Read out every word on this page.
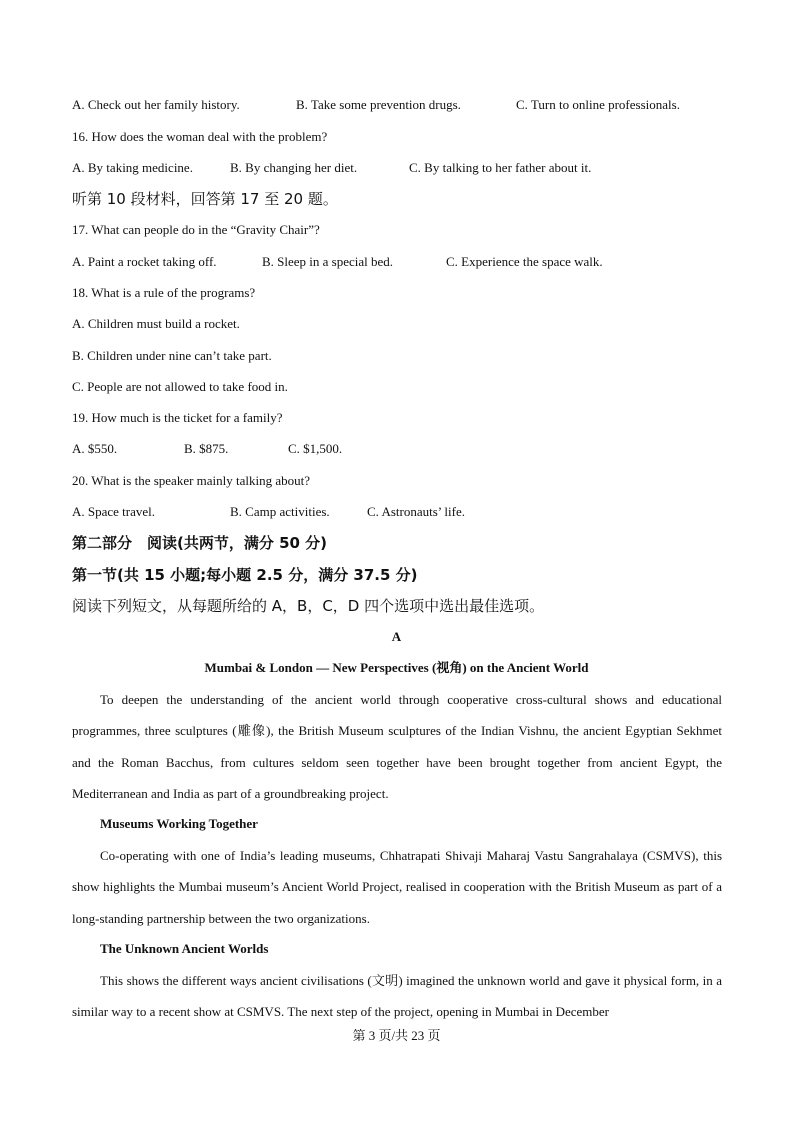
A. Check out her family history.	B. Take some prevention drugs.	C. Turn to online professionals.
16. How does the woman deal with the problem?
A. By taking medicine.	B. By changing her diet.	C. By talking to her father about it.
听第 10 段材料，回答第 17 至 20 题。
17. What can people do in the “Gravity Chair”?
A. Paint a rocket taking off.	B. Sleep in a special bed.	C. Experience the space walk.
18. What is a rule of the programs?
A. Children must build a rocket.
B. Children under nine can’t take part.
C. People are not allowed to take food in.
19. How much is the ticket for a family?
A. $550.	B. $875.	C. $1,500.
20. What is the speaker mainly talking about?
A. Space travel.	B. Camp activities.	C. Astronauts’ life.
第二部分　阅读(共两节，满分 50 分)
第一节(共 15 小题;每小题 2.5 分，满分 37.5 分)
阅读下列短文，从每题所给的 A，B，C，D 四个选项中选出最佳选项。
A
Mumbai & London — New Perspectives (视角) on the Ancient World
To deepen the understanding of the ancient world through cooperative cross-cultural shows and educational programmes, three sculptures (雕像), the British Museum sculptures of the Indian Vishnu, the ancient Egyptian Sekhmet and the Roman Bacchus, from cultures seldom seen together have been brought together from ancient Egypt, the Mediterranean and India as part of a groundbreaking project.
Museums Working Together
Co-operating with one of India’s leading museums, Chhatrapati Shivaji Maharaj Vastu Sangrahalaya (CSMVS), this show highlights the Mumbai museum’s Ancient World Project, realised in cooperation with the British Museum as part of a long-standing partnership between the two organizations.
The Unknown Ancient Worlds
This shows the different ways ancient civilisations (文明) imagined the unknown world and gave it physical form, in a similar way to a recent show at CSMVS. The next step of the project, opening in Mumbai in December
第 3 页/共 23 页
